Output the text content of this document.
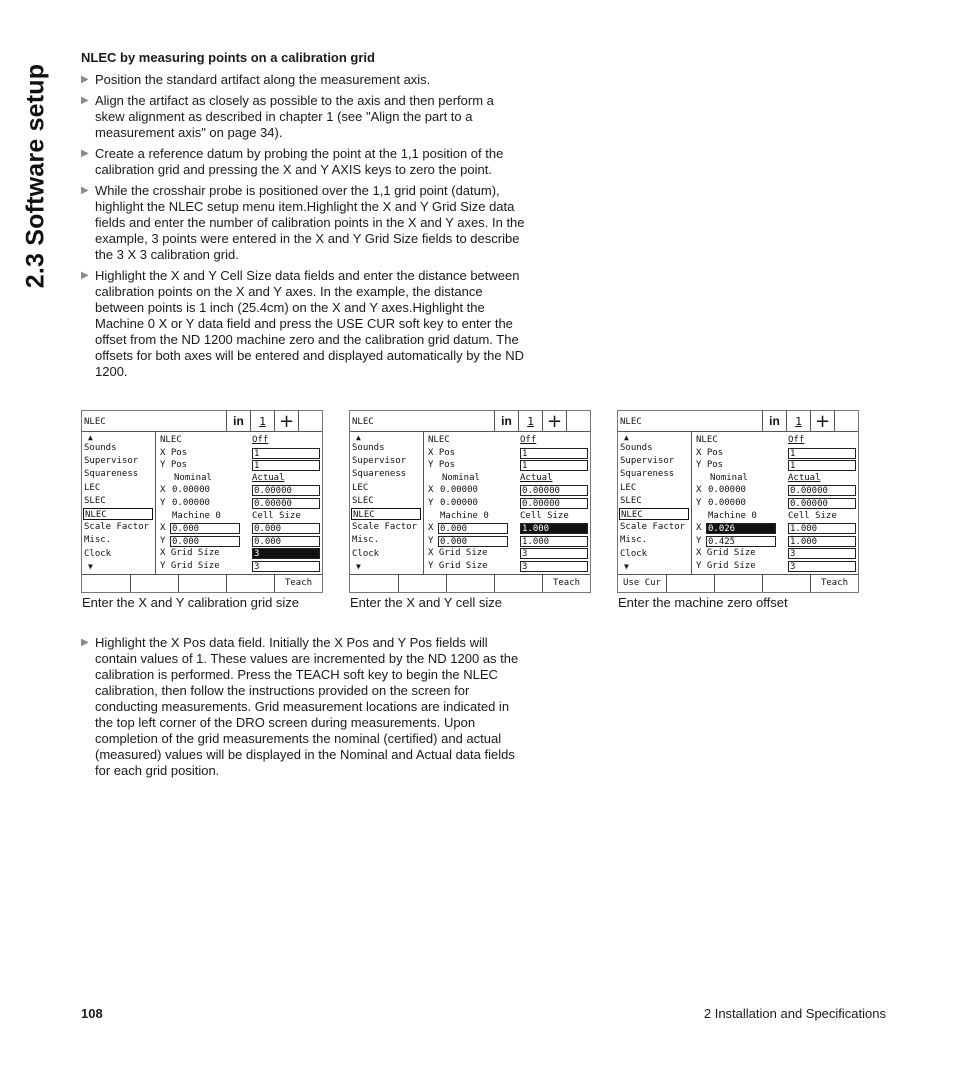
2.3 Software setup
NLEC by measuring points on a calibration grid
▶ Position the standard artifact along the measurement axis.
▶ Align the artifact as closely as possible to the axis and then perform a skew alignment as described in chapter 1 (see "Align the part to a measurement axis" on page 34).
▶ Create a reference datum by probing the point at the 1,1 position of the calibration grid and pressing the X and Y AXIS keys to zero the point.
▶ While the crosshair probe is positioned over the 1,1 grid point (datum), highlight the NLEC setup menu item.Highlight the X and Y Grid Size data fields and enter the number of calibration points in the X and Y axes. In the example, 3 points were entered in the X and Y Grid Size fields to describe the 3 X 3 calibration grid.
▶ Highlight the X and Y Cell Size data fields and enter the distance between calibration points on the X and Y axes. In the example, the distance between points is 1 inch (25.4cm) on the X and Y axes.Highlight the Machine 0 X or Y data field and press the USE CUR soft key to enter the offset from the ND 1200 machine zero and the calibration grid datum. The offsets for both axes will be entered and displayed automatically by the ND 1200.
NLEC	in	1 +
▲
Sounds
Supervisor
Squareness
LEC
SLEC
NLEC
Scale Factor
Misc.
Clock
▼
NLEC	Off
X Pos	1
Y Pos	1
Nominal	Actual
X 0.00000	0.00000
Y 0.00000	0.00000
Machine 0	Cell Size
X 0.000	0.000
Y 0.000	0.000
X Grid Size	3
Y Grid Size	3
Teach
NLEC	in	1 +
▲
Sounds
Supervisor
Squareness
LEC
SLEC
NLEC
Scale Factor
Misc.
Clock
▼
NLEC	Off
X Pos	1
Y Pos	1
Nominal	Actual
X 0.00000	0.00000
Y 0.00000	0.00000
Machine 0	Cell Size
X 0.000	1.000
Y 0.000	1.000
X Grid Size	3
Y Grid Size	3
Teach
NLEC	in	1 +
▲
Sounds
Supervisor
Squareness
LEC
SLEC
NLEC
Scale Factor
Misc.
Clock
▼
NLEC	Off
X Pos	1
Y Pos	1
Nominal	Actual
X 0.00000	0.00000
Y 0.00000	0.00000
Machine 0	Cell Size
X 0.026	1.000
Y 0.425	1.000
X Grid Size	3
Y Grid Size	3
Use Cur	Teach
Enter the X and Y calibration grid size	Enter the X and Y cell size	Enter the machine zero offset
▶ Highlight the X Pos data field. Initially the X Pos and Y Pos fields will contain values of 1. These values are incremented by the ND 1200 as the calibration is performed. Press the TEACH soft key to begin the NLEC calibration, then follow the instructions provided on the screen for conducting measurements. Grid measurement locations are indicated in the top left corner of the DRO screen during measurements. Upon completion of the grid measurements the nominal (certified) and actual (measured) values will be displayed in the Nominal and Actual data fields for each grid position.
108	2 Installation and Specifications
